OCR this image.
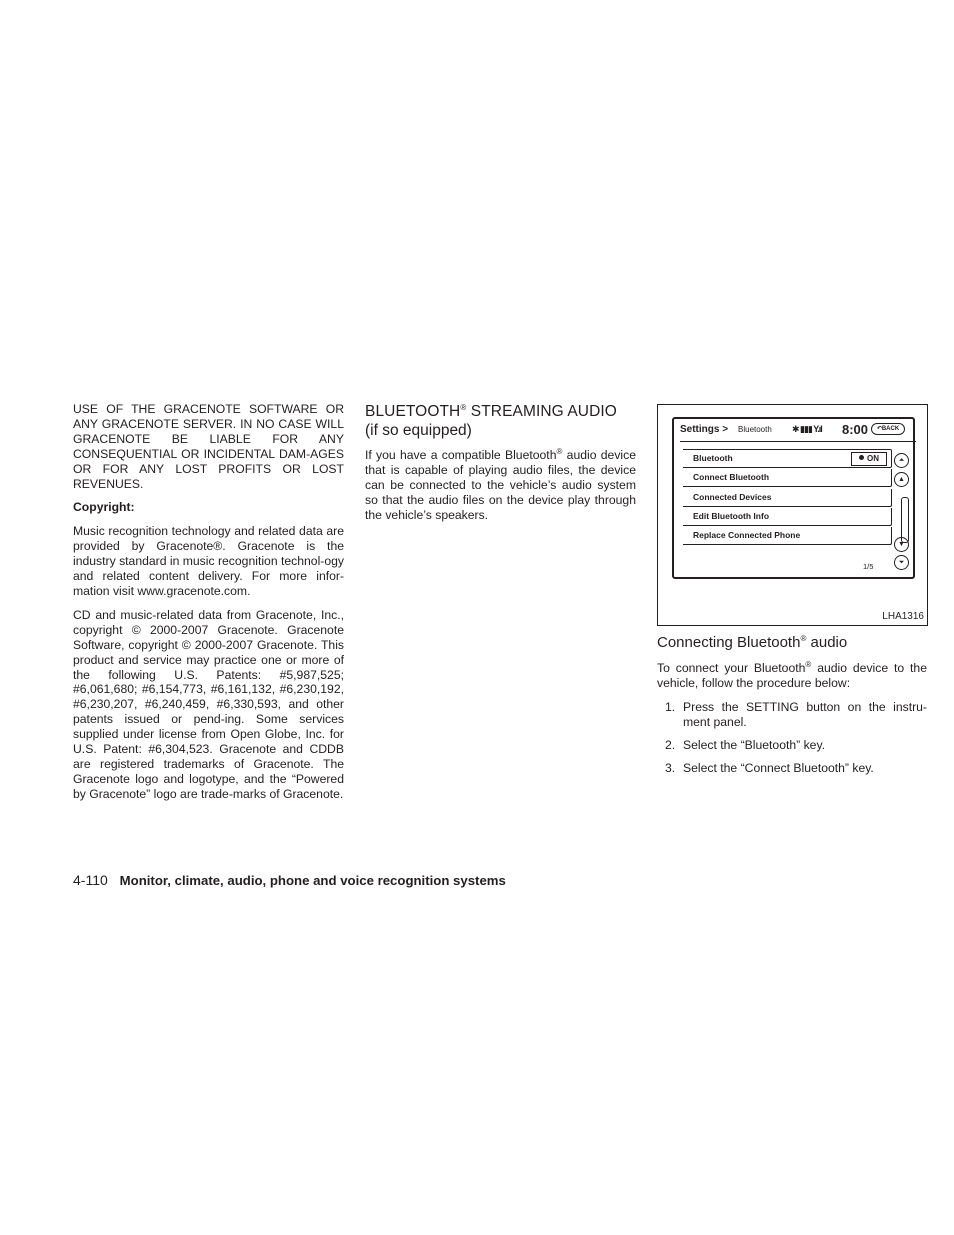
USE OF THE GRACENOTE SOFTWARE OR ANY GRACENOTE SERVER. IN NO CASE WILL GRACENOTE BE LIABLE FOR ANY CONSEQUENTIAL OR INCIDENTAL DAM-AGES OR FOR ANY LOST PROFITS OR LOST REVENUES.

Copyright:

Music recognition technology and related data are provided by Gracenote®. Gracenote is the industry standard in music recognition technol-ogy and related content delivery. For more infor-mation visit www.gracenote.com.

CD and music-related data from Gracenote, Inc., copyright © 2000-2007 Gracenote. Gracenote Software, copyright © 2000-2007 Gracenote. This product and service may practice one or more of the following U.S. Patents: #5,987,525; #6,061,680; #6,154,773, #6,161,132, #6,230,192, #6,230,207, #6,240,459, #6,330,593, and other patents issued or pend-ing. Some services supplied under license from Open Globe, Inc. for U.S. Patent: #6,304,523. Gracenote and CDDB are registered trademarks of Gracenote. The Gracenote logo and logotype, and the “Powered by Gracenote” logo are trade-marks of Gracenote.

BLUETOOTH® STREAMING AUDIO
(if so equipped)

If you have a compatible Bluetooth® audio device that is capable of playing audio files, the device can be connected to the vehicle’s audio system so that the audio files on the device play through the vehicle’s speakers.

Settings > Bluetooth ✱ ▮▮▮ Y.ıl 8:00	↶BACK
Bluetooth	ON
Connect Bluetooth
Connected Devices
Edit Bluetooth Info
Replace Connected Phone
⏶
▲
▼
⏷
1/5
LHA1316
Connecting Bluetooth® audio

To connect your Bluetooth® audio device to the vehicle, follow the procedure below:

1. Press the SETTING button on the instru-ment panel.
2. Select the “Bluetooth” key.
3. Select the “Connect Bluetooth” key.
4-110 Monitor, climate, audio, phone and voice recognition systems
